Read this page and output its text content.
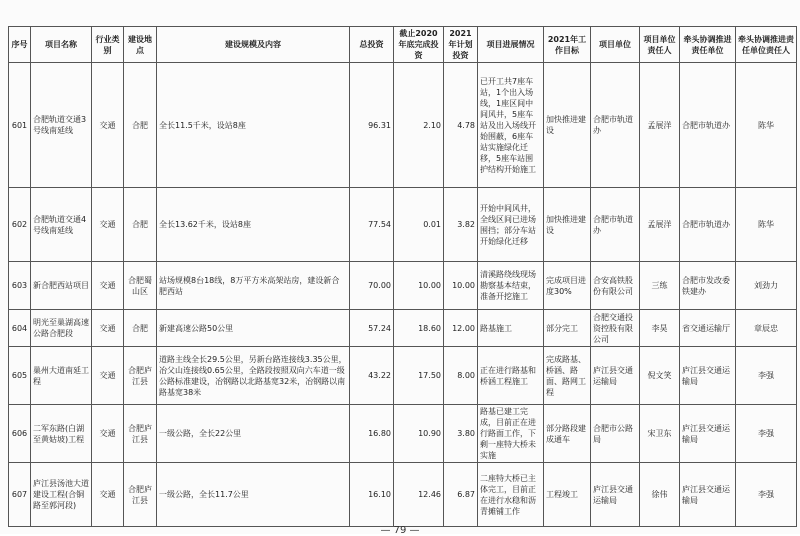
序号	项目名称	行业类别	建设地点	建设规模及内容	总投资	截止2020年底完成投资	2021年计划投资	项目进展情况	2021年工作目标	项目单位	项目单位责任人	牵头协调推进责任单位	牵头协调推进责任单位责任人
601	合肥轨道交通3号线南延线	交通	合肥	全长11.5千米，设站8座	96.31	2.10	4.78	已开工共7座车站，1个出入场线，1座区间中间风井，5座车站及出入场线开始围蔽，6座车站实施绿化迁移，5座车站围护结构开始施工	加快推进建设	合肥市轨道办	孟展洋	合肥市轨道办	陈华
602	合肥轨道交通4号线南延线	交通	合肥	全长13.62千米，设站8座	77.54	0.01	3.82	开始中间风井，全线区间已进场围挡；部分车站开始绿化迁移	加快推进建设	合肥市轨道办	孟展洋	合肥市轨道办	陈华
603	新合肥西站项目	交通	合肥蜀山区	站场规模8台18线，8万平方米高架站房，建设新合肥西站	70.00	10.00	10.00	清溪路绕线现场勘察基本结束，准备开挖施工	完成项目进度30%	合安高铁股份有限公司	三练	合肥市发改委铁建办	刘劲力
604	明光至巢湖高速公路合肥段	交通	合肥	新建高速公路50公里	57.24	18.60	12.00	路基施工	部分完工	合肥交通投资控股有限公司	李昊	省交通运输厅	章辰忠
605	巢州大道南延工程	交通	合肥庐江县	道路主线全长29.5公里，另新台路连接线3.35公里，冶父山连接线0.65公里，全路段按照双向六车道一级公路标准建设，冶钢路以北路基宽32米，冶钢路以南路基宽38米	43.22	17.50	8.00	正在进行路基和桥涵工程施工	完成路基、桥涵、路面、路网工程	庐江县交通运输局	倪文笑	庐江县交通运输局	李强
606	二军东路(白湖至黄姑坡)工程	交通	合肥庐江县	一级公路，全长22公里	16.80	10.90	3.80	路基已建工完成，目前正在进行路面工作，下剩一座特大桥未实施	部分路段建成通车	合肥市公路局	宋卫东	庐江县交通运输局	李强
607	庐江县汤池大道建设工程(合铜路至郭河段)	交通	合肥庐江县	一级公路，全长11.7公里	16.10	12.46	6.87	二座特大桥已主体完工，目前正在进行水稳和沥青摊铺工作	工程竣工	庐江县交通运输局	徐伟	庐江县交通运输局	李强
— 79 —
